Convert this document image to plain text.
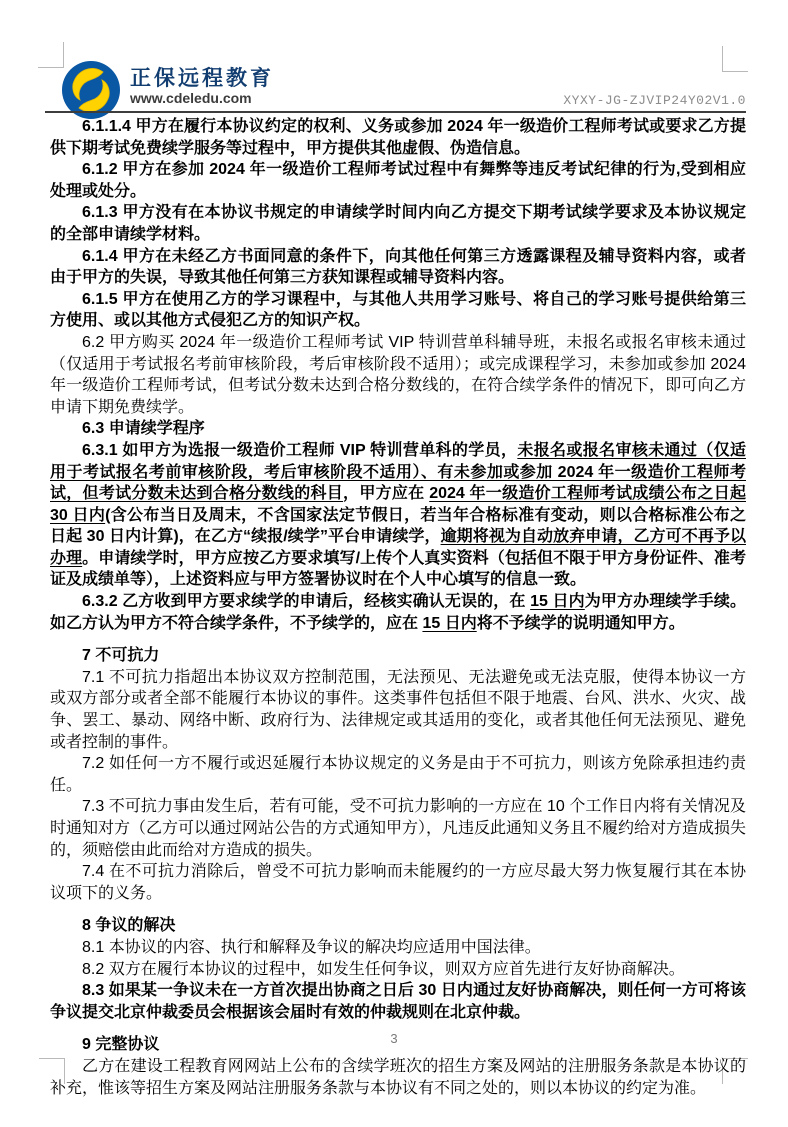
正保远程教育
www.cdeledu.com	XYXY-JG-ZJVIP24Y02V1.0

6.1.1.4 甲方在履行本协议约定的权利、义务或参加 2024 年一级造价工程师考试或要求乙方提供下期考试免费续学服务等过程中，甲方提供其他虚假、伪造信息。

6.1.2 甲方在参加 2024 年一级造价工程师考试过程中有舞弊等违反考试纪律的行为,受到相应处理或处分。

6.1.3 甲方没有在本协议书规定的申请续学时间内向乙方提交下期考试续学要求及本协议规定的全部申请续学材料。

6.1.4 甲方在未经乙方书面同意的条件下，向其他任何第三方透露课程及辅导资料内容，或者由于甲方的失误，导致其他任何第三方获知课程或辅导资料内容。

6.1.5 甲方在使用乙方的学习课程中，与其他人共用学习账号、将自己的学习账号提供给第三方使用、或以其他方式侵犯乙方的知识产权。

6.2 甲方购买 2024 年一级造价工程师考试 VIP 特训营单科辅导班，未报名或报名审核未通过（仅适用于考试报名考前审核阶段，考后审核阶段不适用）；或完成课程学习，未参加或参加 2024 年一级造价工程师考试，但考试分数未达到合格分数线的，在符合续学条件的情况下，即可向乙方申请下期免费续学。

6.3 申请续学程序

6.3.1 如甲方为选报一级造价工程师 VIP 特训营单科的学员，未报名或报名审核未通过（仅适用于考试报名考前审核阶段，考后审核阶段不适用）、有未参加或参加 2024 年一级造价工程师考试，但考试分数未达到合格分数线的科目，甲方应在 2024 年一级造价工程师考试成绩公布之日起 30 日内(含公布当日及周末，不含国家法定节假日，若当年合格标准有变动，则以合格标准公布之日起 30 日内计算)，在乙方“续报/续学”平台申请续学，逾期将视为自动放弃申请，乙方可不再予以办理。申请续学时，甲方应按乙方要求填写/上传个人真实资料（包括但不限于甲方身份证件、准考证及成绩单等），上述资料应与甲方签署协议时在个人中心填写的信息一致。

6.3.2 乙方收到甲方要求续学的申请后，经核实确认无误的，在 15 日内为甲方办理续学手续。如乙方认为甲方不符合续学条件，不予续学的，应在 15 日内将不予续学的说明通知甲方。

7 不可抗力

7.1 不可抗力指超出本协议双方控制范围，无法预见、无法避免或无法克服，使得本协议一方或双方部分或者全部不能履行本协议的事件。这类事件包括但不限于地震、台风、洪水、火灾、战争、罢工、暴动、网络中断、政府行为、法律规定或其适用的变化，或者其他任何无法预见、避免或者控制的事件。

7.2 如任何一方不履行或迟延履行本协议规定的义务是由于不可抗力，则该方免除承担违约责任。

7.3 不可抗力事由发生后，若有可能，受不可抗力影响的一方应在 10 个工作日内将有关情况及时通知对方（乙方可以通过网站公告的方式通知甲方），凡违反此通知义务且不履约给对方造成损失的，须赔偿由此而给对方造成的损失。

7.4 在不可抗力消除后，曾受不可抗力影响而未能履约的一方应尽最大努力恢复履行其在本协议项下的义务。

8 争议的解决

8.1 本协议的内容、执行和解释及争议的解决均应适用中国法律。

8.2 双方在履行本协议的过程中，如发生任何争议，则双方应首先进行友好协商解决。

8.3 如果某一争议未在一方首次提出协商之日后 30 日内通过友好协商解决，则任何一方可将该争议提交北京仲裁委员会根据该会届时有效的仲裁规则在北京仲裁。

9 完整协议

乙方在建设工程教育网网站上公布的含续学班次的招生方案及网站的注册服务条款是本协议的补充，惟该等招生方案及网站注册服务条款与本协议有不同之处的，则以本协议的约定为准。

3
